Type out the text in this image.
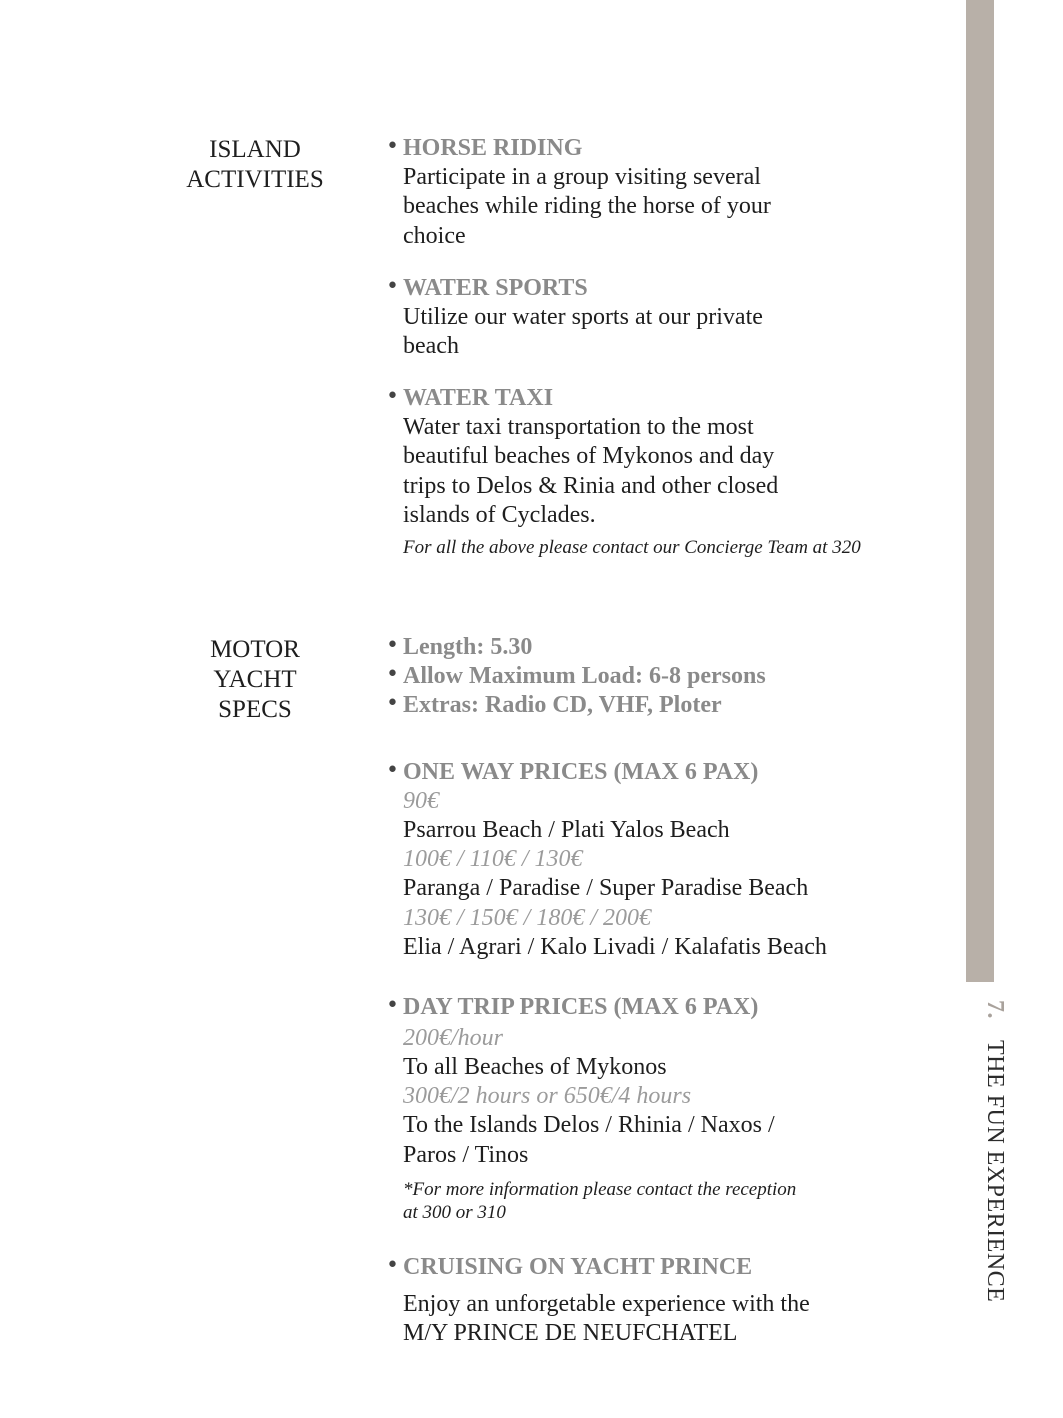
7. THE FUN EXPERIENCE
ISLAND
ACTIVITIES
• HORSE RIDING
Participate in a group visiting several
beaches while riding the horse of your
choice
• WATER SPORTS
Utilize our water sports at our private
beach
• WATER TAXI
Water taxi transportation to the most
beautiful beaches of Mykonos and day
trips to Delos & Rinia and other closed
islands of Cyclades.
For all the above please contact our Concierge Team at 320
MOTOR
YACHT
SPECS
• Length: 5.30
• Allow Maximum Load: 6-8 persons
• Extras: Radio CD, VHF, Ploter
• ONE WAY PRICES (MAX 6 PAX)
90€
Psarrou Beach / Plati Yalos Beach
100€ / 110€ / 130€
Paranga / Paradise / Super Paradise Beach
130€ / 150€ / 180€ / 200€
Elia / Agrari / Kalo Livadi / Kalafatis Beach
• DAY TRIP PRICES (MAX 6 PAX)
200€/hour
To all Beaches of Mykonos
300€/2 hours or 650€/4 hours
To the Islands Delos / Rhinia / Naxos /
Paros / Tinos
*For more information please contact the reception
at 300 or 310
• CRUISING ON YACHT PRINCE
Enjoy an unforgetable experience with the
M/Y PRINCE DE NEUFCHATEL
